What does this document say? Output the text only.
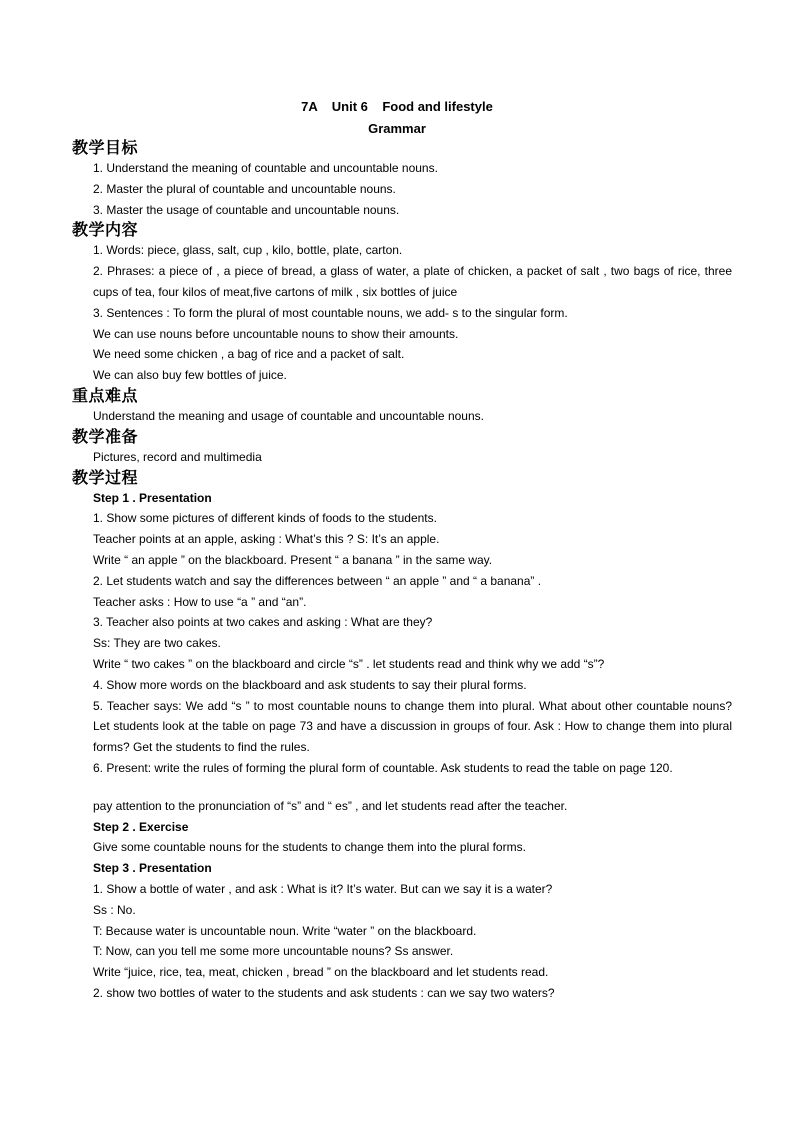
7A    Unit 6    Food and lifestyle
Grammar
教学目标
1. Understand the meaning of countable and uncountable nouns.
2. Master the plural of countable and uncountable nouns.
3. Master the usage of countable and uncountable nouns.
教学内容
1. Words: piece, glass, salt, cup , kilo, bottle, plate, carton.
2. Phrases: a piece of , a piece of bread, a glass of water, a plate of chicken, a packet of salt , two bags of rice, three cups of tea, four kilos of meat,five cartons of milk , six bottles of juice
3. Sentences : To form the plural of most countable nouns, we add- s to the singular form.
We can use nouns before uncountable nouns to show their amounts.
We need some chicken , a bag of rice and a packet of salt.
We can also buy few bottles of juice.
重点难点
Understand the meaning and usage of countable and uncountable nouns.
教学准备
Pictures, record and multimedia
教学过程
Step 1 . Presentation
1. Show some pictures of different kinds of foods to the students.
Teacher points at an apple, asking : What’s this ? S: It’s an apple.
Write “ an apple ” on the blackboard. Present “ a banana ” in the same way.
2. Let students watch and say the differences between “ an apple ” and “ a banana” .
Teacher asks : How to use “a ” and “an”.
3. Teacher also points at two cakes and asking : What are they?
Ss: They are two cakes.
Write “ two cakes ” on the blackboard and circle “s” . let students read and think why we add “s”?
4. Show more words on the blackboard and ask students to say their plural forms.
5. Teacher says: We add “s ” to most countable nouns to change them into plural. What about other countable nouns? Let students look at the table on page 73 and have a discussion in groups of four. Ask : How to change them into plural forms? Get the students to find the rules.
6. Present: write the rules of forming the plural form of countable. Ask students to read the table on page 120.
pay attention to the pronunciation of “s” and “ es” , and let students read after the teacher.
Step 2 . Exercise
Give some countable nouns for the students to change them into the plural forms.
Step 3 . Presentation
1. Show a bottle of water , and ask : What is it? It’s water. But can we say it is a water?
Ss : No.
T: Because water is uncountable noun. Write “water ” on the blackboard.
T: Now, can you tell me some more uncountable nouns? Ss answer.
Write “juice, rice, tea, meat, chicken , bread ” on the blackboard and let students read.
2. show two bottles of water to the students and ask students : can we say two waters?
